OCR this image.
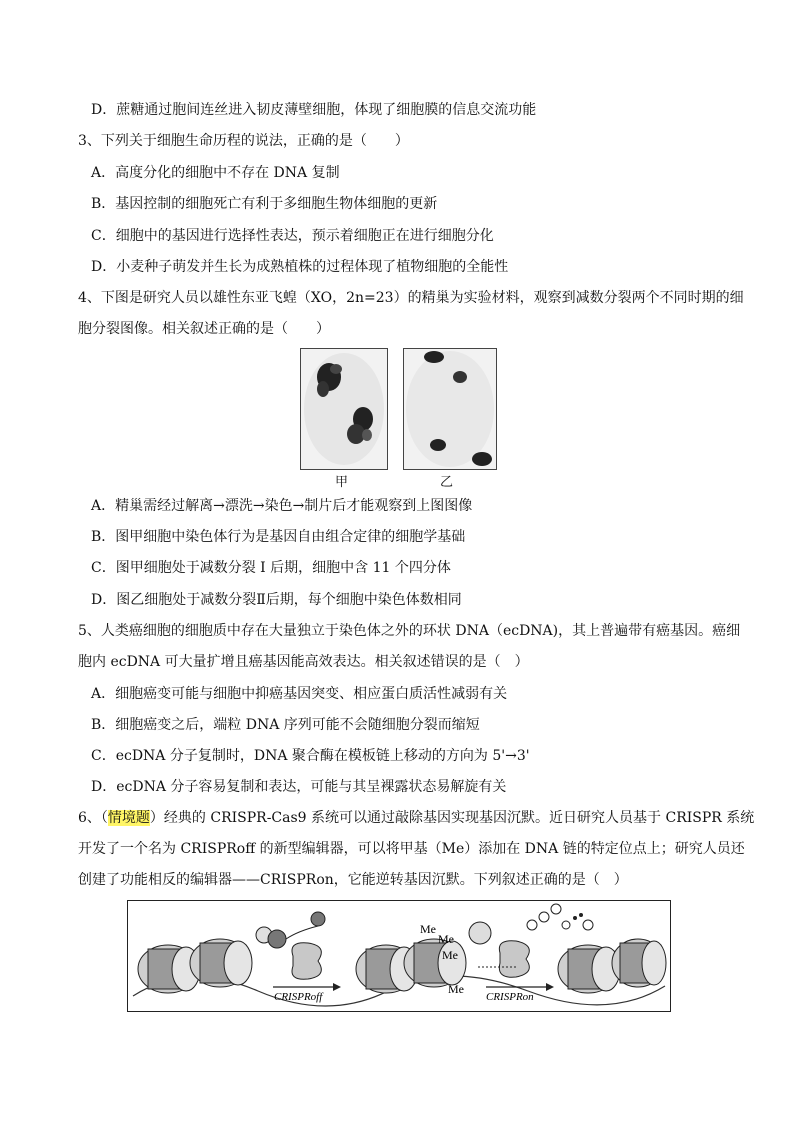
D．蔗糖通过胞间连丝进入韧皮薄壁细胞，体现了细胞膜的信息交流功能
3、下列关于细胞生命历程的说法，正确的是（　　）
A．高度分化的细胞中不存在 DNA 复制
B．基因控制的细胞死亡有利于多细胞生物体细胞的更新
C．细胞中的基因进行选择性表达，预示着细胞正在进行细胞分化
D．小麦种子萌发并生长为成熟植株的过程体现了植物细胞的全能性
4、下图是研究人员以雄性东亚飞蝗（XO，2n=23）的精巢为实验材料，观察到减数分裂两个不同时期的细
胞分裂图像。相关叙述正确的是（　　）
甲	乙
A．精巢需经过解离→漂洗→染色→制片后才能观察到上图图像
B．图甲细胞中染色体行为是基因自由组合定律的细胞学基础
C．图甲细胞处于减数分裂 I 后期，细胞中含 11 个四分体
D．图乙细胞处于减数分裂Ⅱ后期，每个细胞中染色体数相同
5、人类癌细胞的细胞质中存在大量独立于染色体之外的环状 DNA（ecDNA)，其上普遍带有癌基因。癌细
胞内 ecDNA 可大量扩增且癌基因能高效表达。相关叙述错误的是（　）
A．细胞癌变可能与细胞中抑癌基因突变、相应蛋白质活性减弱有关
B．细胞癌变之后，端粒 DNA 序列可能不会随细胞分裂而缩短
C．ecDNA 分子复制时，DNA 聚合酶在模板链上移动的方向为 5'→3'
D．ecDNA 分子容易复制和表达，可能与其呈裸露状态易解旋有关
6、（情境题）经典的 CRISPR-Cas9 系统可以通过敲除基因实现基因沉默。近日研究人员基于 CRISPR 系统
开发了一个名为 CRISPRoff 的新型编辑器，可以将甲基（Me）添加在 DNA 链的特定位点上；研究人员还
创建了功能相反的编辑器——CRISPRon，它能逆转基因沉默。下列叙述正确的是（　）
CRISPRoff
Me
Me
Me
Me
CRISPRon
